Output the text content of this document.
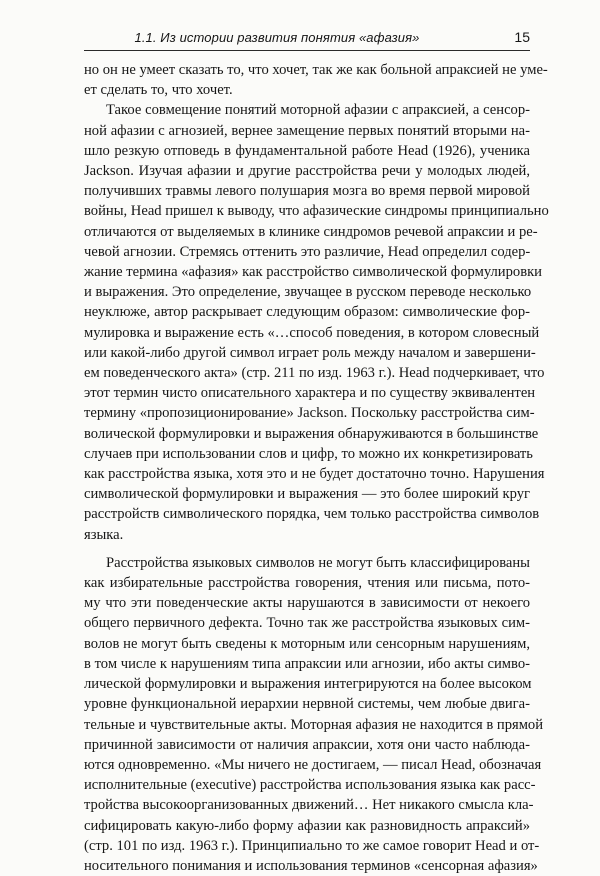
1.1. Из истории развития понятия «афазия»	15
но он не умеет сказать то, что хочет, так же как больной апраксией не уме-
ет сделать то, что хочет.
Такое совмещение понятий моторной афазии с апраксией, а сенсор-
ной афазии с агнозией, вернее замещение первых понятий вторыми на-
шло резкую отповедь в фундаментальной работе Head (1926), ученика
Jackson. Изучая афазии и другие расстройства речи у молодых людей,
получивших травмы левого полушария мозга во время первой мировой
войны, Head пришел к выводу, что афазические синдромы принципиально
отличаются от выделяемых в клинике синдромов речевой апраксии и ре-
чевой агнозии. Стремясь оттенить это различие, Head определил содер-
жание термина «афазия» как расстройство символической формулировки
и выражения. Это определение, звучащее в русском переводе несколько
неуклюже, автор раскрывает следующим образом: символические фор-
мулировка и выражение есть «…способ поведения, в котором словесный
или какой-либо другой символ играет роль между началом и завершени-
ем поведенческого акта» (стр. 211 по изд. 1963 г.). Head подчеркивает, что
этот термин чисто описательного характера и по существу эквивалентен
термину «пропозиционирование» Jackson. Поскольку расстройства сим-
волической формулировки и выражения обнаруживаются в большинстве
случаев при использовании слов и цифр, то можно их конкретизировать
как расстройства языка, хотя это и не будет достаточно точно. Нарушения
символической формулировки и выражения — это более широкий круг
расстройств символического порядка, чем только расстройства символов
языка.
Расстройства языковых символов не могут быть классифицированы
как избирательные расстройства говорения, чтения или письма, пото-
му что эти поведенческие акты нарушаются в зависимости от некоего
общего первичного дефекта. Точно так же расстройства языковых сим-
волов не могут быть сведены к моторным или сенсорным нарушениям,
в том числе к нарушениям типа апраксии или агнозии, ибо акты симво-
лической формулировки и выражения интегрируются на более высоком
уровне функциональной иерархии нервной системы, чем любые двига-
тельные и чувствительные акты. Моторная афазия не находится в прямой
причинной зависимости от наличия апраксии, хотя они часто наблюда-
ются одновременно. «Мы ничего не достигаем, — писал Head, обозначая
исполнительные (executive) расстройства использования языка как расс-
тройства высокоорганизованных движений… Нет никакого смысла кла-
сифицировать какую-либо форму афазии как разновидность апраксий»
(стр. 101 по изд. 1963 г.). Принципиально то же самое говорит Head и от-
носительного понимания и использования терминов «сенсорная афазия»
